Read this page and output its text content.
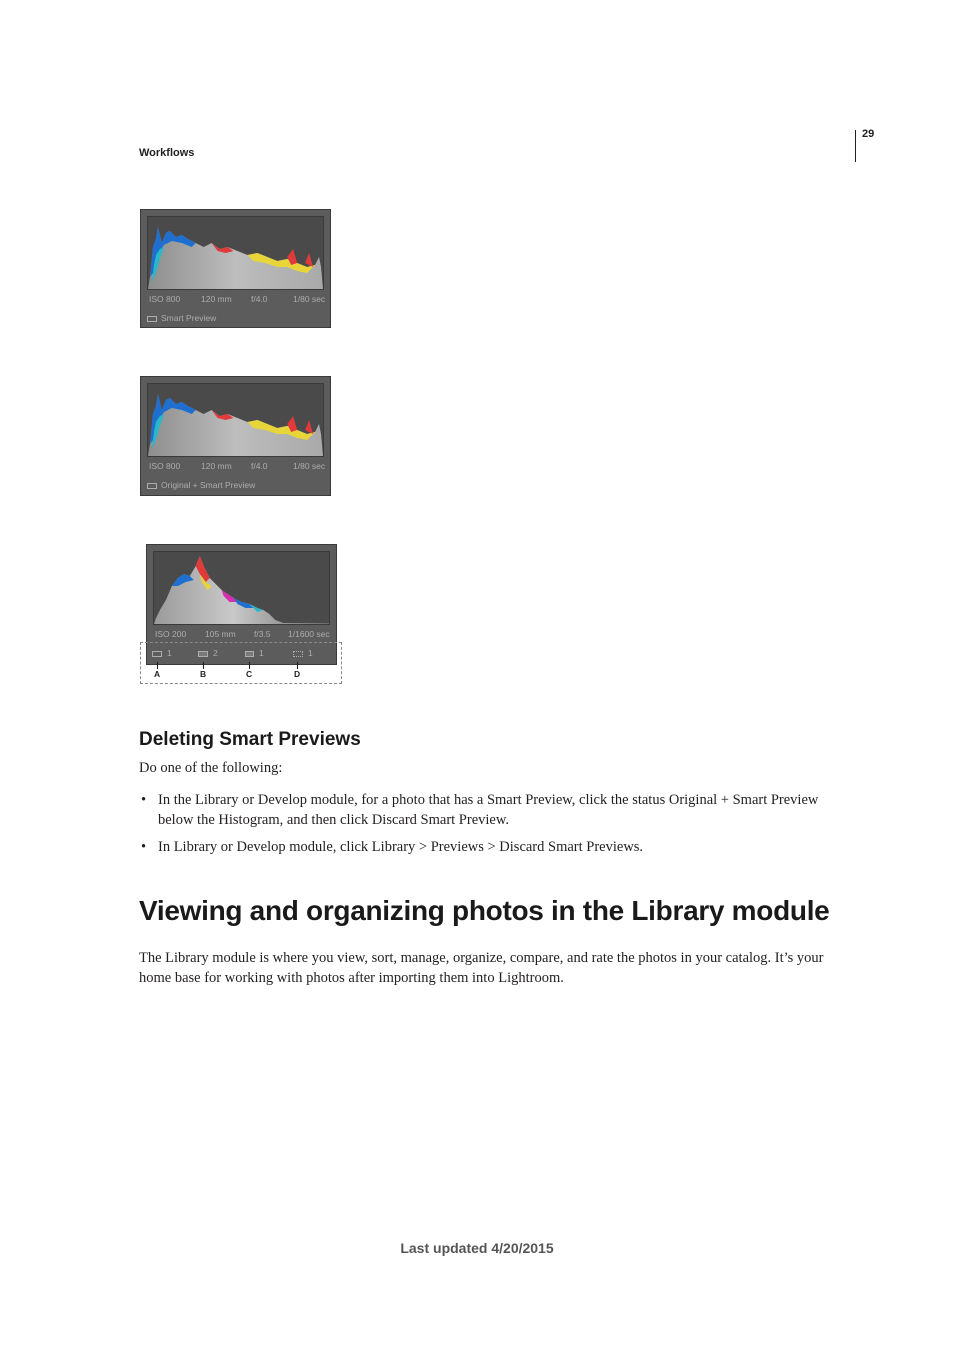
29
Workflows
ISO 800 120 mm f/4.0	1/80 sec
Smart Preview
ISO 800 120 mm f/4.0	1/80 sec
Original + Smart Preview
ISO 200 105 mm f/3.5 1/1600 sec
1	2	1	1
A	B	C	D
Deleting Smart Previews

Do one of the following:

• In the Library or Develop module, for a photo that has a Smart Preview, click the status Original + Smart Preview below the Histogram, and then click Discard Smart Preview.
• In Library or Develop module, click Library > Previews > Discard Smart Previews.
Viewing and organizing photos in the Library module

The Library module is where you view, sort, manage, organize, compare, and rate the photos in your catalog. It’s your home base for working with photos after importing them into Lightroom.

Last updated 4/20/2015
